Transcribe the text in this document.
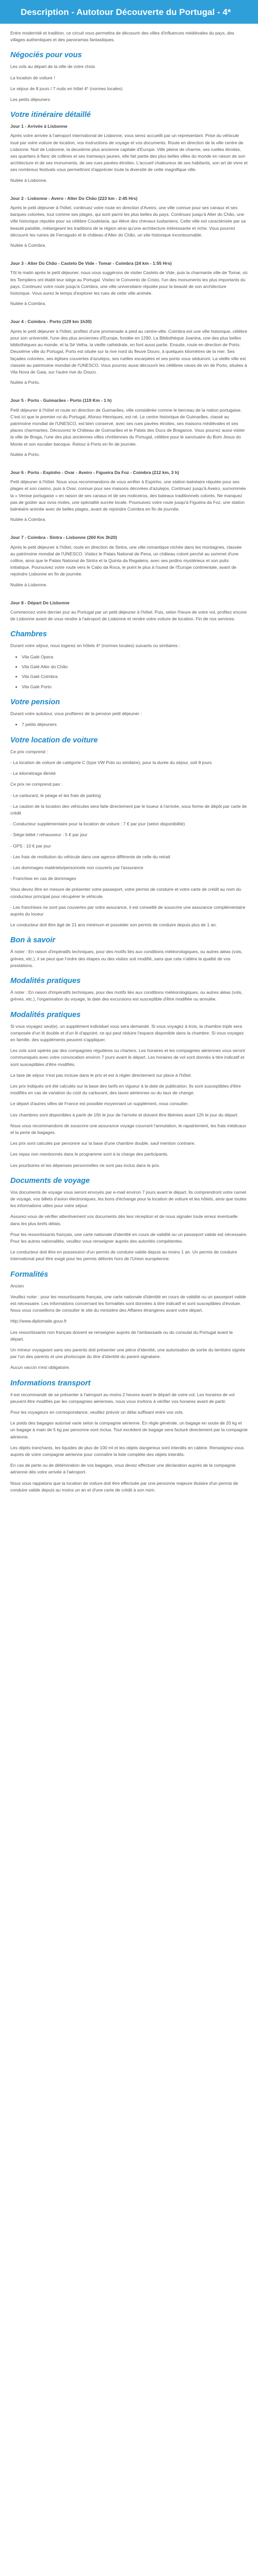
Description - Autotour Découverte du Portugal - 4*

Entre modernité et tradition, ce circuit vous permettra de découvrir des villes d'influences médiévales du pays, des villages authentiques et des panoramas fantastiques.

Négociés pour vous

Les vols au départ de la ville de votre choix

La location de voiture !

Le séjour de 8 jours / 7 nuits en hôtel 4* (normes locales)

Les petits déjeuners

Votre itinéraire détaillé

Jour 1 - Arrivée à Lisbonne

Après votre arrivée à l'aéroport international de Lisbonne, vous serez accueilli par un représentant. Prise du véhicule loué par votre voiture de location, vos instructions de voyage et vos documents. Route en direction de la ville centre de Lisbonne. Nuit de Lisbonne, la deuxième plus ancienne capitale d'Europe. Ville pleine de charme, ses ruelles étroites, ses quartiers à flanc de collines et ses tramways jaunes, elle fait partie des plus belles villes du monde en raison de son architecture et de ses monuments, de ses rues pavées étroites. L'accueil chaleureux de ses habitants, son art de vivre et ses nombreux festivals vous permettront d'apprécier toute la diversité de cette magnifique ville.

Nuitée à Lisbonne.

Jour 2 - Lisbonne - Avero - Alter Do Chão (223 km - 2:45 Hrs)

Après le petit déjeuner à l'hôtel, continuez votre route en direction d'Aveiro, une ville connue pour ses canaux et ses barques colorées, tout comme ses plages, qui sont parmi les plus belles du pays. Continuez jusqu'à Alter do Chão, une ville historique réputée pour sa célèbre Coudelaria, qui élève des chevaux lusitaniens. Cette ville est caractérisée par sa beauté paisible, mélangeant les traditions de la région ainsi qu'une architecture intéressante et riche. Vous pourrez découvrir les ruines de Ferragudo et le château d'Alter do Chão, un site historique incontournable.

Nuitée à Coimbra.

Jour 3 - Alter Do Chão - Castelo De Vide - Tomar - Coimbra (24 km - 1:55 Hrs)

Tôt le matin après le petit déjeuner, nous vous suggérons de visiter Castelo de Vide, puis la charmante ville de Tomar, où les Templiers ont établi leur siège au Portugal. Visitez le Convento de Cristo, l'un des monuments les plus importants du pays. Continuez votre route jusqu'à Coimbra, une ville universitaire réputée pour la beauté de son architecture historique. Vous aurez le temps d'explorer les rues de cette ville animée.

Nuitée à Coimbra.

Jour 4 - Coimbra - Porto (129 km 1h30)

Après le petit déjeuner à l'hôtel, profitez d'une promenade à pied au centre-ville. Coimbra est une ville historique, célèbre pour son université, l'une des plus anciennes d'Europe, fondée en 1290. La Bibliothèque Joanina, une des plus belles bibliothèques au monde, et la Sé Velha, la vieille cathédrale, en font aussi partie. Ensuite, route en direction de Porto. Deuxième ville du Portugal, Porto est située sur la rive nord du fleuve Douro, à quelques kilomètres de la mer. Ses façades colorées, ses églises couvertes d'azulejos, ses ruelles escarpées et ses ponts vous séduiront. La vieille ville est classée au patrimoine mondial de l'UNESCO. Vous pourrez aussi découvrir les célèbres caves de vin de Porto, situées à Vila Nova de Gaia, sur l'autre rive du Douro.

Nuitée à Porto.

Jour 5 - Porto - Guimarães - Porto (119 Km - 1 h)

Petit déjeuner à l'hôtel et route en direction de Guimarães, ville considérée comme le berceau de la nation portugaise. C'est ici que le premier roi du Portugal, Afonso Henriques, est né. Le centre historique de Guimarães, classé au patrimoine mondial de l'UNESCO, est bien conservé, avec ses rues pavées étroites, ses maisons médiévales et ses places charmantes. Découvrez le Château de Guimarães et le Palais des Ducs de Bragance. Vous pourrez aussi visiter la ville de Braga, l'une des plus anciennes villes chrétiennes du Portugal, célèbre pour le sanctuaire du Bom Jesus do Monte et son escalier baroque. Retour à Porto en fin de journée.

Nuitée à Porto.

Jour 6 - Porto - Espinho - Ovar - Aveiro - Figueira Da Foz - Coimbra (212 km, 3 h)

Petit déjeuner à l'hôtel. Nous vous recommandons de vous arrêter à Espinho, une station balnéaire réputée pour ses plages et son casino, puis à Ovar, connue pour ses maisons décorées d'azulejos. Continuez jusqu'à Aveiro, surnommée la « Venise portugaise » en raison de ses canaux et de ses moliceiros, des bateaux traditionnels colorés. Ne manquez pas de goûter aux ovos moles, une spécialité sucrée locale. Poursuivez votre route jusqu'à Figueira da Foz, une station balnéaire animée avec de belles plages, avant de rejoindre Coimbra en fin de journée.

Nuitée à Coimbra.

Jour 7 - Coimbra - Sintra - Lisbonne (260 Km 3h20)

Après le petit déjeuner à l'hôtel, route en direction de Sintra, une ville romantique nichée dans les montagnes, classée au patrimoine mondial de l'UNESCO. Visitez le Palais National de Pena, un château coloré perché au sommet d'une colline, ainsi que le Palais National de Sintra et la Quinta da Regaleira, avec ses jardins mystérieux et son puits initiatique. Poursuivez votre route vers le Cabo da Roca, le point le plus à l'ouest de l'Europe continentale, avant de rejoindre Lisbonne en fin de journée.

Nuitée à Lisbonne.

Jour 8 - Départ De Lisbonne

Commencez votre dernier jour au Portugal par un petit déjeuner à l'hôtel. Puis, selon l'heure de votre vol, profitez encore de Lisbonne avant de vous rendre à l'aéroport de Lisbonne et rendre votre voiture de location. Fin de nos services.

Chambres

Durant votre séjour, nous logerez en hôtels 4* (normes locales) suivants ou similaires :

• Vila Galé Opera
• Vila Galé Alter do Chão
• Vila Galé Coimbra
• Vila Galé Porto
Votre pension

Durant votre autotour, vous profiterez de la pension petit déjeuner :

• 7 petits déjeuners
Votre location de voiture

Ce prix comprend :

- La location de voiture de catégorie C (type VW Polo ou similaire), pour la durée du séjour, soit 8 jours

- Le kilométrage illimité

Ce prix ne comprend pas :

- Le carburant, le péage et les frais de parking

- La caution de la location des véhicules sera faite directement par le loueur à l'arrivée, sous forme de dépôt par carte de crédit

- Conducteur supplémentaire pour la location de voiture : 7 € par jour (selon disponibilité)

- Siège bébé / rehausseur : 5 € par jour

- GPS : 10 € par jour

- Les frais de restitution du véhicule dans une agence différente de celle du retrait

- Les dommages matériels/personnels non couverts par l'assurance

- Franchise en cas de dommages

Vous devez être en mesure de présenter votre passeport, votre permis de conduire et votre carte de crédit au nom du conducteur principal pour récupérer le véhicule.

- Les franchises ne sont pas couvertes par votre assurance, il est conseillé de souscrire une assurance complémentaire auprès du loueur

Le conducteur doit être âgé de 21 ans minimum et posséder son permis de conduire depuis plus de 1 an.

Bon à savoir

À noter : En raison d'impératifs techniques, pour des motifs liés aux conditions météorologiques, ou autres aléas (vols, grèves, etc.), il se peut que l'ordre des étapes ou des visites soit modifié, sans que cela n'altère la qualité de vos prestations.

Modalités pratiques

À noter : En raison d'impératifs techniques, pour des motifs liés aux conditions météorologiques, ou autres aléas (vols, grèves, etc.), l'organisation du voyage, la date des excursions est susceptible d'être modifiée ou annulée.

Modalités pratiques

Si vous voyagez seul(e), un supplément individuel vous sera demandé. Si vous voyagez à trois, la chambre triple sera composée d'un lit double et d'un lit d'appoint, ce qui peut réduire l'espace disponible dans la chambre. Si vous voyagez en famille, des suppléments peuvent s'appliquer.

Les vols sont opérés par des compagnies régulières ou charters. Les horaires et les compagnies aériennes vous seront communiqués avec votre convocation environ 7 jours avant le départ. Les horaires de vol sont donnés à titre indicatif et sont susceptibles d'être modifiés.

La taxe de séjour n'est pas incluse dans le prix et est à régler directement sur place à l'hôtel.

Les prix indiqués ont été calculés sur la base des tarifs en vigueur à la date de publication. Ils sont susceptibles d'être modifiés en cas de variation du coût du carburant, des taxes aériennes ou du taux de change.

Le départ d'autres villes de France est possible moyennant un supplément, nous consulter.

Les chambres sont disponibles à partir de 15h le jour de l'arrivée et doivent être libérées avant 12h le jour du départ.

Nous vous recommandons de souscrire une assurance voyage couvrant l'annulation, le rapatriement, les frais médicaux et la perte de bagages.

Les prix sont calculés par personne sur la base d'une chambre double, sauf mention contraire.

Les repas non mentionnés dans le programme sont à la charge des participants.

Les pourboires et les dépenses personnelles ne sont pas inclus dans le prix.

Documents de voyage

Vos documents de voyage vous seront envoyés par e-mail environ 7 jours avant le départ. Ils comprendront votre carnet de voyage, vos billets d'avion électroniques, les bons d'échange pour la location de voiture et les hôtels, ainsi que toutes les informations utiles pour votre séjour.

Assurez-vous de vérifier attentivement vos documents dès leur réception et de nous signaler toute erreur éventuelle dans les plus brefs délais.

Pour les ressortissants français, une carte nationale d'identité en cours de validité ou un passeport valide est nécessaire. Pour les autres nationalités, veuillez vous renseigner auprès des autorités compétentes.

Le conducteur doit être en possession d'un permis de conduire valide depuis au moins 1 an. Un permis de conduire international peut être exigé pour les permis délivrés hors de l'Union européenne.

Formalités

Ancien

Veuillez noter : pour les ressortissants français, une carte nationale d'identité en cours de validité ou un passeport valide est nécessaire. Les informations concernant les formalités sont données à titre indicatif et sont susceptibles d'évoluer. Nous vous conseillons de consulter le site du ministère des Affaires étrangères avant votre départ.

http://www.diplomatie.gouv.fr

Les ressortissants non français doivent se renseigner auprès de l'ambassade ou du consulat du Portugal avant le départ.

Un mineur voyageant sans ses parents doit présenter une pièce d'identité, une autorisation de sortie du territoire signée par l'un des parents et une photocopie du titre d'identité du parent signataire.

Aucun vaccin n'est obligatoire.

Informations transport

Il est recommandé de se présenter à l'aéroport au moins 2 heures avant le départ de votre vol. Les horaires de vol peuvent être modifiés par les compagnies aériennes, nous vous invitons à vérifier vos horaires avant de partir.

Pour les voyageurs en correspondance, veuillez prévoir un délai suffisant entre vos vols.

Le poids des bagages autorisé varie selon la compagnie aérienne. En règle générale, un bagage en soute de 20 kg et un bagage à main de 5 kg par personne sont inclus. Tout excédent de bagage sera facturé directement par la compagnie aérienne.

Les objets tranchants, les liquides de plus de 100 ml et les objets dangereux sont interdits en cabine. Renseignez-vous auprès de votre compagnie aérienne pour connaître la liste complète des objets interdits.

En cas de perte ou de détérioration de vos bagages, vous devez effectuer une déclaration auprès de la compagnie aérienne dès votre arrivée à l'aéroport.

Nous vous rappelons que la location de voiture doit être effectuée par une personne majeure titulaire d'un permis de conduire valide depuis au moins un an et d'une carte de crédit à son nom.
